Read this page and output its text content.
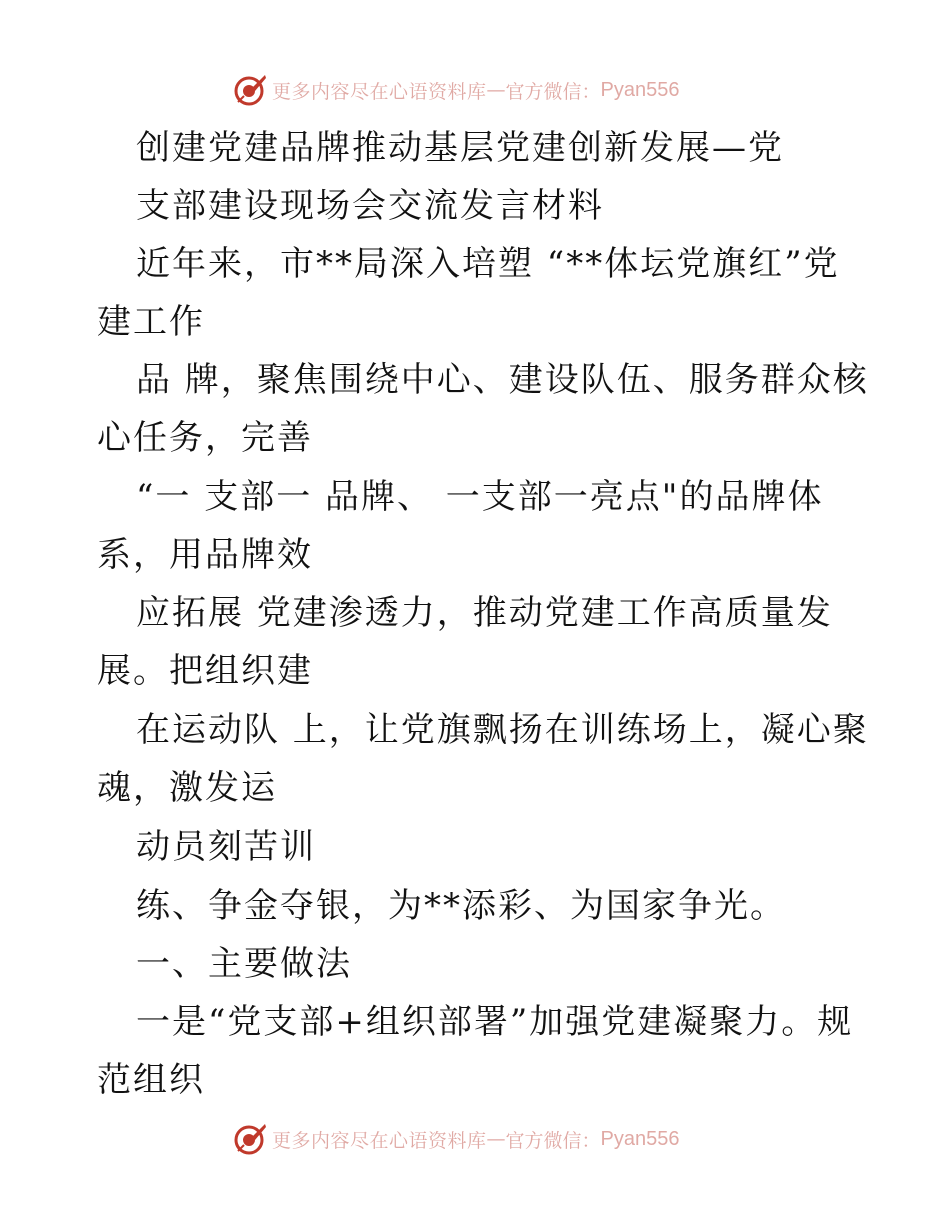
更多内容尽在心语资料库 — 官方微信： Pyan556
创建党建品牌推动基层党建创新发展—党
支部建设现场会交流发言材料
近年来，市**局深入培塑 “**体坛党旗红”党
建工作
品 牌，聚焦围绕中心、建设队伍、服务群众核
心任务，完善
“一 支部一 品牌、 一支部一亮点"的品牌体
系，用品牌效
应拓展 党建渗透力，推动党建工作高质量发
展。把组织建
在运动队 上，让党旗飘扬在训练场上，凝心聚
魂，激发运
动员刻苦训
练、争金夺银，为**添彩、为国家争光。
一、主要做法
一是“党支部+组织部署”加强党建凝聚力。规
范组织
更多内容尽在心语资料库 — 官方微信： Pyan556
